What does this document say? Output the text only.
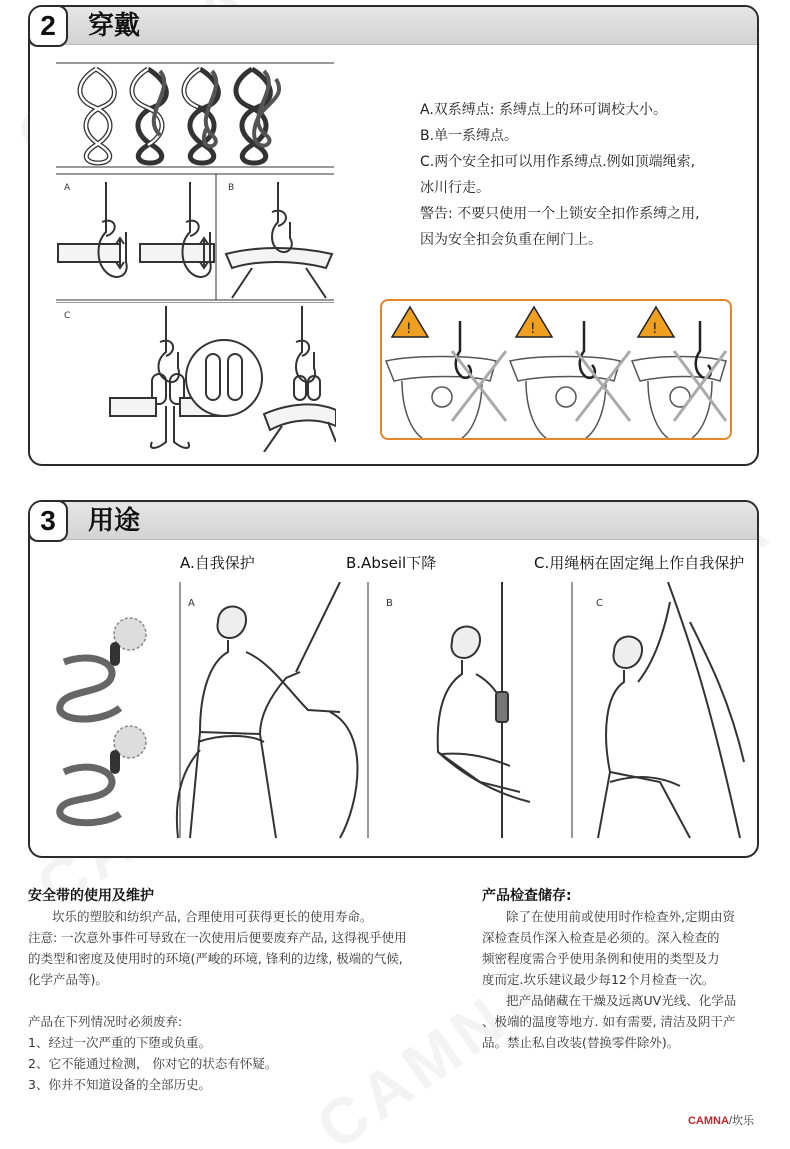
2	穿戴
A	B
C

A.双系缚点: 系缚点上的环可调校大小。

B.单一系缚点。

C.两个安全扣可以用作系缚点.例如顶端绳索,

冰川行走。

警告: 不要只使用一个上锁安全扣作系缚之用,

因为安全扣会负重在闸门上。

!	!	!
3	用途
A.自我保护	B.Abseil下降	C.用绳柄在固定绳上作自我保护
A	B	C
安全带的使用及维护

坎乐的塑胶和纺织产品, 合理使用可获得更长的使用寿命。

注意: 一次意外事件可导致在一次使用后便要废弃产品, 这得视乎使用

的类型和密度及使用时的环境(严峻的环境, 锋利的边缘, 极端的气候,

化学产品等)。

产品在下列情况时必须废弃:

1、经过一次严重的下堕或负重。

2、它不能通过检测， 你对它的状态有怀疑。

3、你并不知道设备的全部历史。

产品检查储存:

除了在使用前或使用时作检查外,定期由资

深检查员作深入检查是必须的。深入检查的

频密程度需合乎使用条例和使用的类型及力

度而定.坎乐建议最少每12个月检查一次。

把产品储藏在干燥及远离UV光线、化学品

、极端的温度等地方. 如有需要, 清洁及阴干产

品。禁止私自改装(替换零件除外)。

CAMNA/坎乐
